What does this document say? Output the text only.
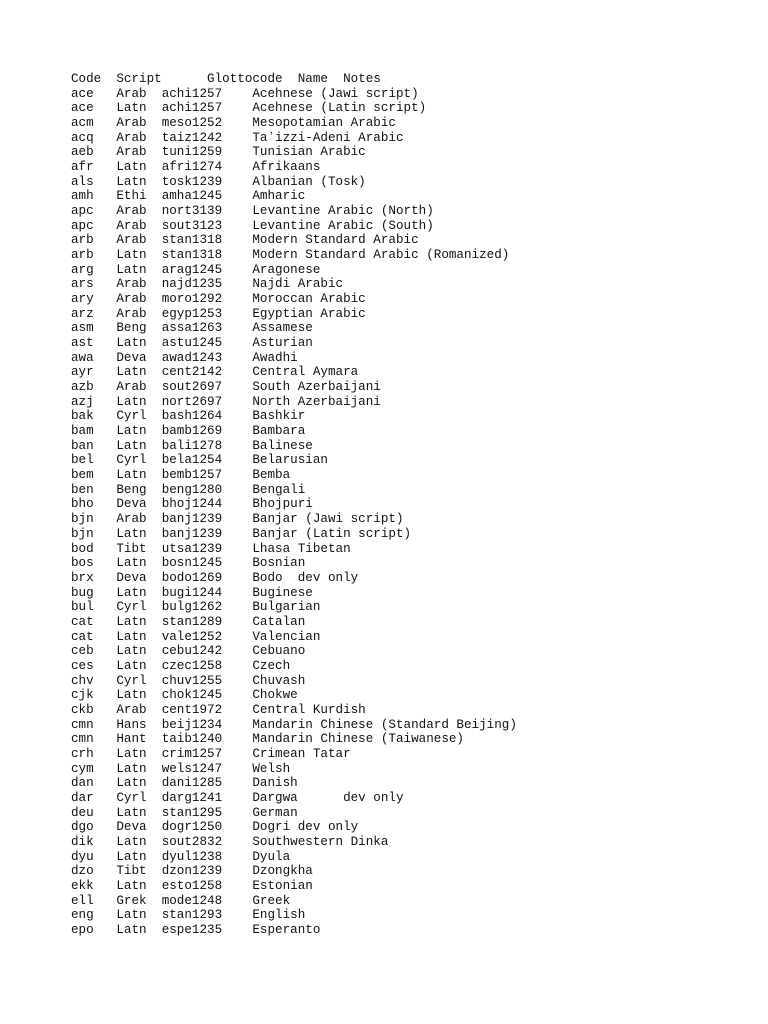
Code  Script      Glottocode  Name  Notes
ace   Arab  achi1257    Acehnese (Jawi script)
ace   Latn  achi1257    Acehnese (Latin script)
acm   Arab  meso1252    Mesopotamian Arabic
acq   Arab  taiz1242    Taʽizzi-Adeni Arabic
aeb   Arab  tuni1259    Tunisian Arabic
afr   Latn  afri1274    Afrikaans
als   Latn  tosk1239    Albanian (Tosk)
amh   Ethi  amha1245    Amharic
apc   Arab  nort3139    Levantine Arabic (North)
apc   Arab  sout3123    Levantine Arabic (South)
arb   Arab  stan1318    Modern Standard Arabic
arb   Latn  stan1318    Modern Standard Arabic (Romanized)
arg   Latn  arag1245    Aragonese
ars   Arab  najd1235    Najdi Arabic
ary   Arab  moro1292    Moroccan Arabic
arz   Arab  egyp1253    Egyptian Arabic
asm   Beng  assa1263    Assamese
ast   Latn  astu1245    Asturian
awa   Deva  awad1243    Awadhi
ayr   Latn  cent2142    Central Aymara
azb   Arab  sout2697    South Azerbaijani
azj   Latn  nort2697    North Azerbaijani
bak   Cyrl  bash1264    Bashkir
bam   Latn  bamb1269    Bambara
ban   Latn  bali1278    Balinese
bel   Cyrl  bela1254    Belarusian
bem   Latn  bemb1257    Bemba
ben   Beng  beng1280    Bengali
bho   Deva  bhoj1244    Bhojpuri
bjn   Arab  banj1239    Banjar (Jawi script)
bjn   Latn  banj1239    Banjar (Latin script)
bod   Tibt  utsa1239    Lhasa Tibetan
bos   Latn  bosn1245    Bosnian
brx   Deva  bodo1269    Bodo  dev only
bug   Latn  bugi1244    Buginese
bul   Cyrl  bulg1262    Bulgarian
cat   Latn  stan1289    Catalan
cat   Latn  vale1252    Valencian
ceb   Latn  cebu1242    Cebuano
ces   Latn  czec1258    Czech
chv   Cyrl  chuv1255    Chuvash
cjk   Latn  chok1245    Chokwe
ckb   Arab  cent1972    Central Kurdish
cmn   Hans  beij1234    Mandarin Chinese (Standard Beijing)
cmn   Hant  taib1240    Mandarin Chinese (Taiwanese)
crh   Latn  crim1257    Crimean Tatar
cym   Latn  wels1247    Welsh
dan   Latn  dani1285    Danish
dar   Cyrl  darg1241    Dargwa      dev only
deu   Latn  stan1295    German
dgo   Deva  dogr1250    Dogri dev only
dik   Latn  sout2832    Southwestern Dinka
dyu   Latn  dyul1238    Dyula
dzo   Tibt  dzon1239    Dzongkha
ekk   Latn  esto1258    Estonian
ell   Grek  mode1248    Greek
eng   Latn  stan1293    English
epo   Latn  espe1235    Esperanto
